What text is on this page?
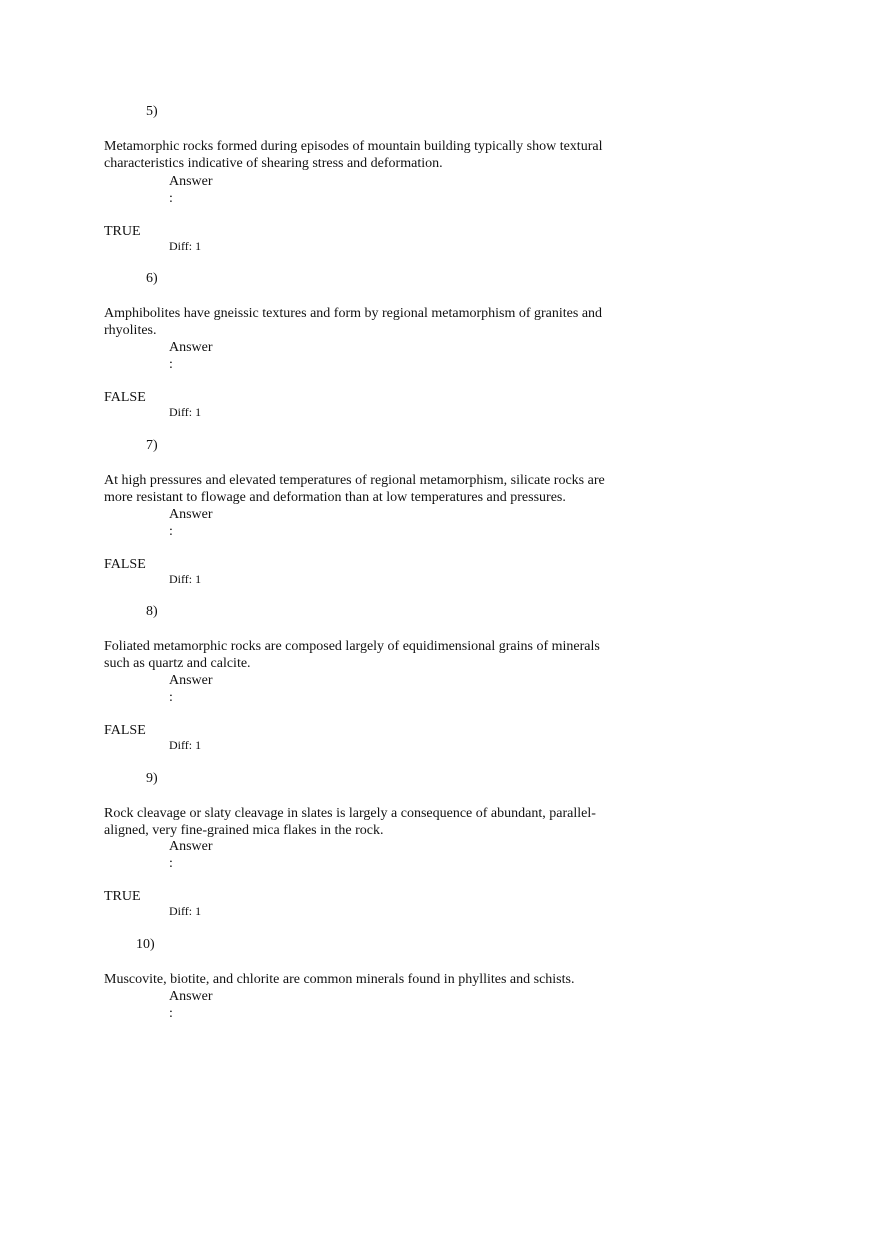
5)
Metamorphic rocks formed during episodes of mountain building typically show textural characteristics indicative of shearing stress and deformation.
Answer
:
TRUE
Diff: 1
6)
Amphibolites have gneissic textures and form by regional metamorphism of granites and rhyolites.
Answer
:
FALSE
Diff: 1
7)
At high pressures and elevated temperatures of regional metamorphism, silicate rocks are more resistant to flowage and deformation than at low temperatures and pressures.
Answer
:
FALSE
Diff: 1
8)
Foliated metamorphic rocks are composed largely of equidimensional grains of minerals such as quartz and calcite.
Answer
:
FALSE
Diff: 1
9)
Rock cleavage or slaty cleavage in slates is largely a consequence of abundant, parallel-aligned, very fine-grained mica flakes in the rock.
Answer
:
TRUE
Diff: 1
10)
Muscovite, biotite, and chlorite are common minerals found in phyllites and schists.
Answer
:
